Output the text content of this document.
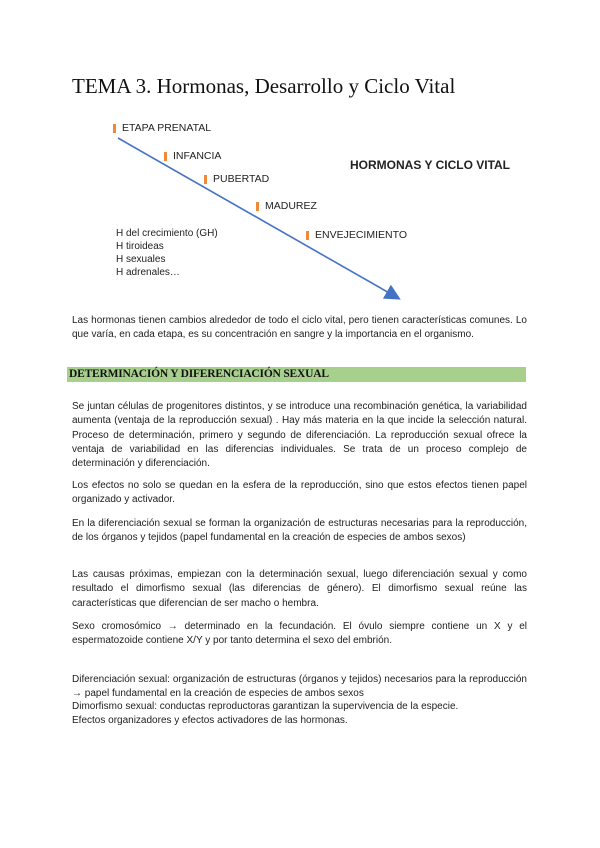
TEMA 3. Hormonas, Desarrollo y Ciclo Vital
ETAPA PRENATAL
INFANCIA
PUBERTAD
MADUREZ
ENVEJECIMIENTO
HORMONAS Y CICLO VITAL
H del crecimiento (GH)
H tiroideas
H sexuales
H adrenales…
Las hormonas tienen cambios alrededor de todo el ciclo vital, pero tienen características comunes. Lo que varía, en cada etapa, es su concentración en sangre y la importancia en el organismo.
DETERMINACIÓN Y DIFERENCIACIÓN SEXUAL
Se juntan células de progenitores distintos, y se introduce una recombinación genética, la variabilidad aumenta (ventaja de la reproducción sexual) . Hay más materia en la que incide la selección natural. Proceso de determinación, primero y segundo de diferenciación. La reproducción sexual ofrece la ventaja de variabilidad en las diferencias individuales. Se trata de un proceso complejo de determinación y diferenciación.
Los efectos no solo se quedan en la esfera de la reproducción, sino que estos efectos tienen papel organizado y activador.
En la diferenciación sexual se forman la organización de estructuras necesarias para la reproducción, de los órganos y tejidos (papel fundamental en la creación de especies de ambos sexos)
Las causas próximas, empiezan con la determinación sexual, luego diferenciación sexual y como resultado el dimorfismo sexual (las diferencias de género). El dimorfismo sexual reúne las características que diferencian de ser macho o hembra.
Sexo cromosómico → determinado en la fecundación. El óvulo siempre contiene un X y el espermatozoide contiene X/Y y por tanto determina el sexo del embrión.
Diferenciación sexual: organización de estructuras (órganos y tejidos) necesarios para la reproducción → papel fundamental en la creación de especies de ambos sexos
Dimorfismo sexual: conductas reproductoras garantizan la supervivencia de la especie.
Efectos organizadores y efectos activadores de las hormonas.
